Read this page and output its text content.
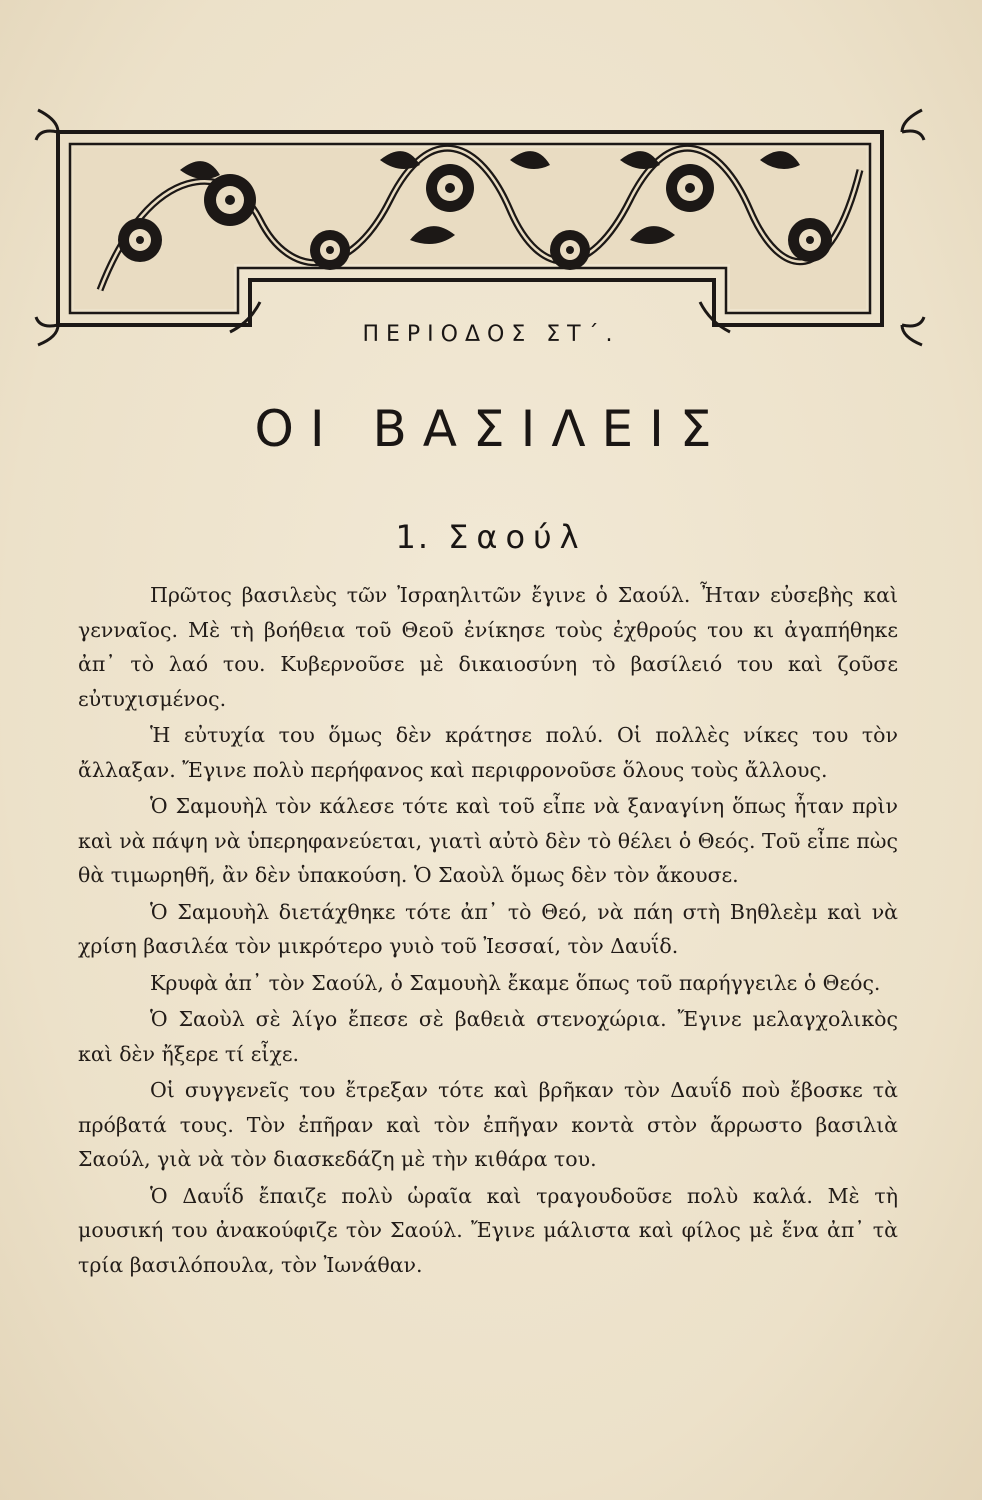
ΠΕΡΙΟΔΟΣ ΣΤ΄.
ΟΙ ΒΑΣΙΛΕΙΣ
1. Σαούλ

Πρῶτος βασιλεὺς τῶν Ἰσραηλιτῶν ἔγινε ὁ Σαούλ. Ἦταν εὐσεβὴς καὶ γενναῖος. Μὲ τὴ βοήθεια τοῦ Θεοῦ ἐνίκησε τοὺς ἐχθρούς του κι ἀγαπήθηκε ἀπ᾽ τὸ λαό του. Κυβερνοῦσε μὲ δικαιοσύνη τὸ βασίλειό του καὶ ζοῦσε εὐτυχισμένος.

Ἡ εὐτυχία του ὅμως δὲν κράτησε πολύ. Οἱ πολλὲς νίκες του τὸν ἄλλαξαν. Ἔγινε πολὺ περήφανος καὶ περιφρονοῦσε ὅλους τοὺς ἄλλους.

Ὁ Σαμουὴλ τὸν κάλεσε τότε καὶ τοῦ εἶπε νὰ ξαναγίνη ὅπως ἦταν πρὶν καὶ νὰ πάψη νὰ ὑπερηφανεύεται, γιατὶ αὐτὸ δὲν τὸ θέλει ὁ Θεός. Τοῦ εἶπε πὼς θὰ τιμωρηθῆ, ἂν δὲν ὑπακούση. Ὁ Σαοὺλ ὅμως δὲν τὸν ἄκουσε.

Ὁ Σαμουὴλ διετάχθηκε τότε ἀπ᾽ τὸ Θεό, νὰ πάη στὴ Βηθλεὲμ καὶ νὰ χρίση βασιλέα τὸν μικρότερο γυιὸ τοῦ Ἰεσσαί, τὸν Δαυΐδ.

Κρυφὰ ἀπ᾽ τὸν Σαούλ, ὁ Σαμουὴλ ἔκαμε ὅπως τοῦ παρήγγειλε ὁ Θεός.

Ὁ Σαοὺλ σὲ λίγο ἔπεσε σὲ βαθειὰ στενοχώρια. Ἔγινε μελαγχολικὸς καὶ δὲν ἤξερε τί εἶχε.

Οἱ συγγενεῖς του ἔτρεξαν τότε καὶ βρῆκαν τὸν Δαυΐδ ποὺ ἔβοσκε τὰ πρόβατά τους. Τὸν ἐπῆραν καὶ τὸν ἐπῆγαν κοντὰ στὸν ἄρρωστο βασιλιὰ Σαούλ, γιὰ νὰ τὸν διασκεδάζη μὲ τὴν κιθάρα του.

Ὁ Δαυΐδ ἔπαιζε πολὺ ὡραῖα καὶ τραγουδοῦσε πολὺ καλά. Μὲ τὴ μουσική του ἀνακούφιζε τὸν Σαούλ. Ἔγινε μάλιστα καὶ φίλος μὲ ἕνα ἀπ᾽ τὰ τρία βασιλόπουλα, τὸν Ἰωνάθαν.
